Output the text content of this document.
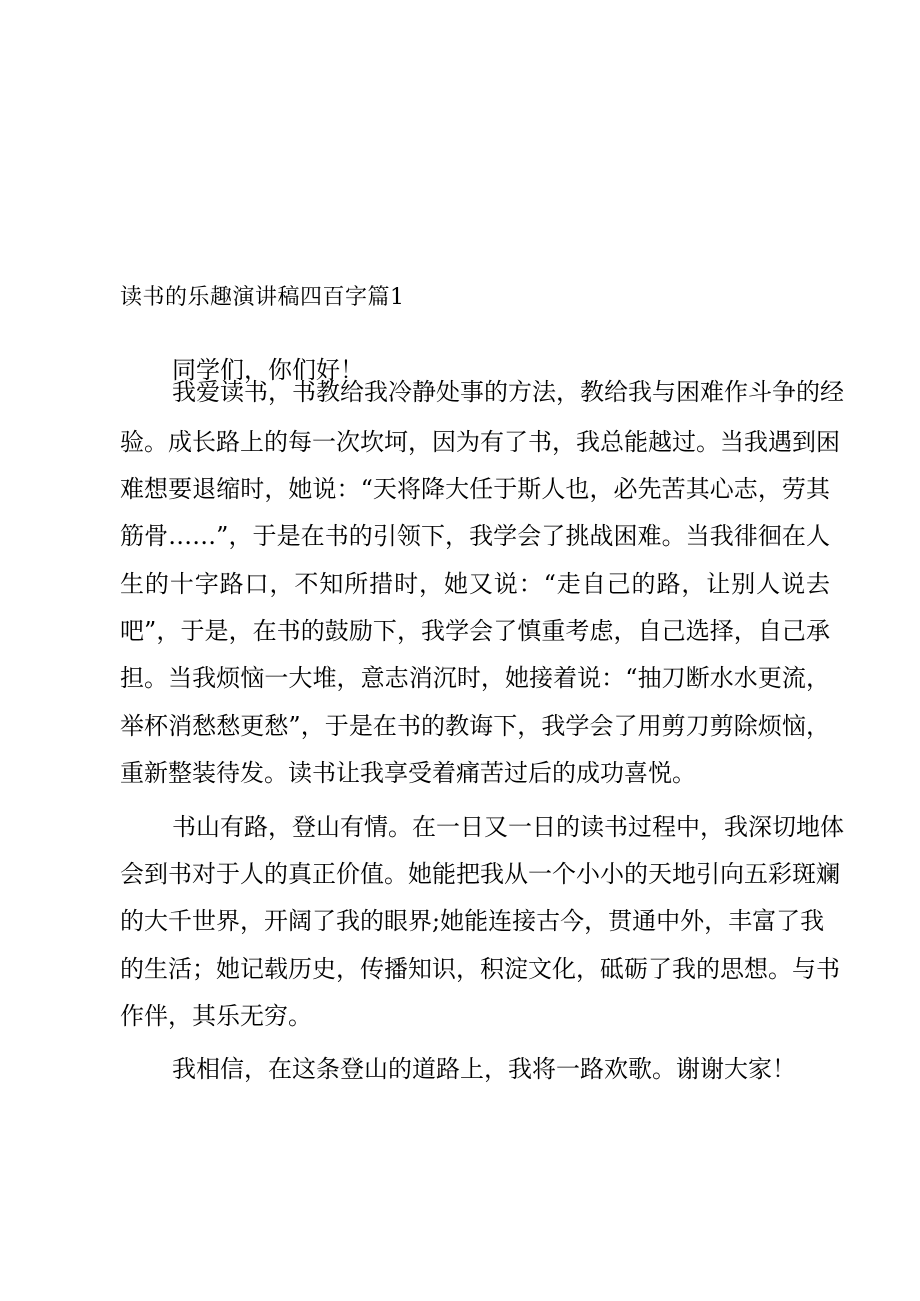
读书的乐趣演讲稿四百字篇1
同学们，你们好！
我爱读书，书教给我冷静处事的方法，教给我与困难作斗争的经
验。成长路上的每一次坎坷，因为有了书，我总能越过。当我遇到困
难想要退缩时，她说：“天将降大任于斯人也，必先苦其心志，劳其
筋骨……”，于是在书的引领下，我学会了挑战困难。当我徘徊在人
生的十字路口，不知所措时，她又说：“走自己的路，让别人说去
吧”，于是，在书的鼓励下，我学会了慎重考虑，自己选择，自己承
担。当我烦恼一大堆，意志消沉时，她接着说：“抽刀断水水更流，
举杯消愁愁更愁”，于是在书的教诲下，我学会了用剪刀剪除烦恼，
重新整装待发。读书让我享受着痛苦过后的成功喜悦。
书山有路，登山有情。在一日又一日的读书过程中，我深切地体
会到书对于人的真正价值。她能把我从一个小小的天地引向五彩斑斓
的大千世界，开阔了我的眼界;她能连接古今，贯通中外，丰富了我
的生活；她记载历史，传播知识，积淀文化，砥砺了我的思想。与书
作伴，其乐无穷。
我相信，在这条登山的道路上，我将一路欢歌。谢谢大家！
